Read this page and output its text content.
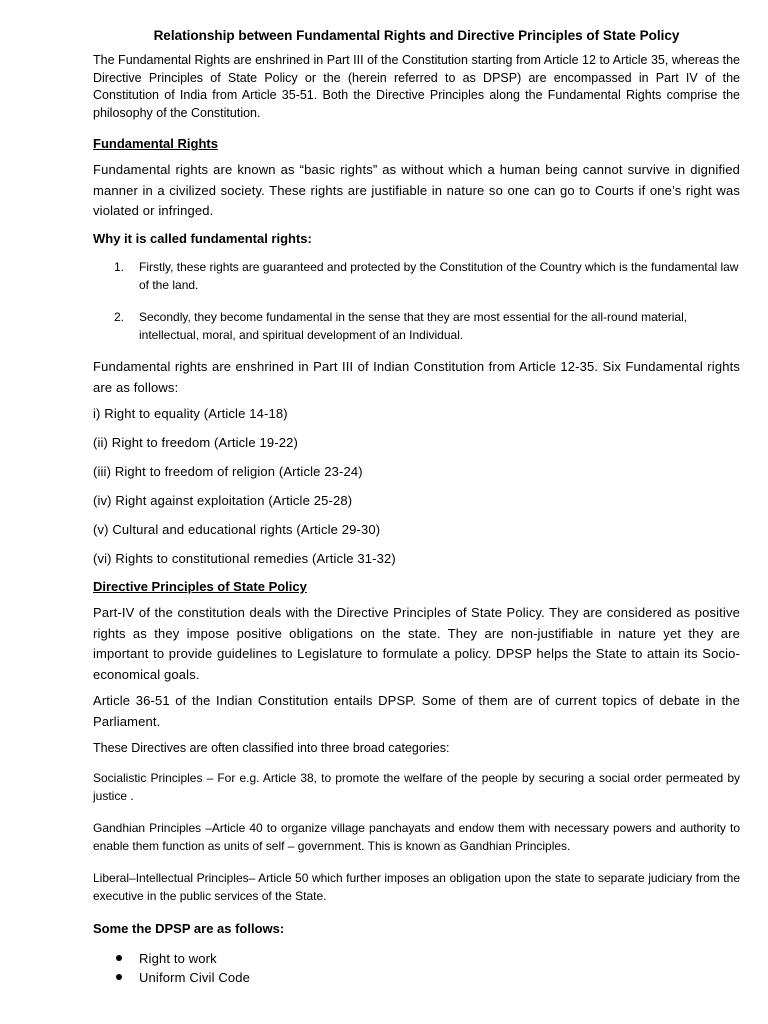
Relationship between Fundamental Rights and Directive Principles of State Policy

The Fundamental Rights are enshrined in Part III of the Constitution starting from Article 12 to Article 35, whereas the Directive Principles of State Policy or the (herein referred to as DPSP) are encompassed in Part IV of the Constitution of India from Article 35-51. Both the Directive Principles along the Fundamental Rights comprise the philosophy of the Constitution.

Fundamental Rights

Fundamental rights are known as “basic rights” as without which a human being cannot survive in dignified manner in a civilized society. These rights are justifiable in nature so one can go to Courts if one’s right was violated or infringed.

Why it is called fundamental rights:
1. Firstly, these rights are guaranteed and protected by the Constitution of the Country which is the fundamental law of the land.
2. Secondly, they become fundamental in the sense that they are most essential for the all-round material, intellectual, moral, and spiritual development of an Individual.

Fundamental rights are enshrined in Part III of Indian Constitution from Article 12-35. Six Fundamental rights are as follows:

i) Right to equality (Article 14-18)
(ii) Right to freedom (Article 19-22)
(iii) Right to freedom of religion (Article 23-24)
(iv) Right against exploitation (Article 25-28)
(v) Cultural and educational rights (Article 29-30)
(vi) Rights to constitutional remedies (Article 31-32)
Directive Principles of State Policy

Part-IV of the constitution deals with the Directive Principles of State Policy. They are considered as positive rights as they impose positive obligations on the state. They are non-justifiable in nature yet they are important to provide guidelines to Legislature to formulate a policy. DPSP helps the State to attain its Socio-economical goals.

Article 36-51 of the Indian Constitution entails DPSP. Some of them are of current topics of debate in the Parliament.

These Directives are often classified into three broad categories:

Socialistic Principles – For e.g. Article 38, to promote the welfare of the people by securing a social order permeated by justice .

Gandhian Principles –Article 40 to organize village panchayats and endow them with necessary powers and authority to enable them function as units of self – government. This is known as Gandhian Principles.

Liberal–Intellectual Principles– Article 50 which further imposes an obligation upon the state to separate judiciary from the executive in the public services of the State.

Some the DPSP are as follows:
Right to work
Uniform Civil Code
